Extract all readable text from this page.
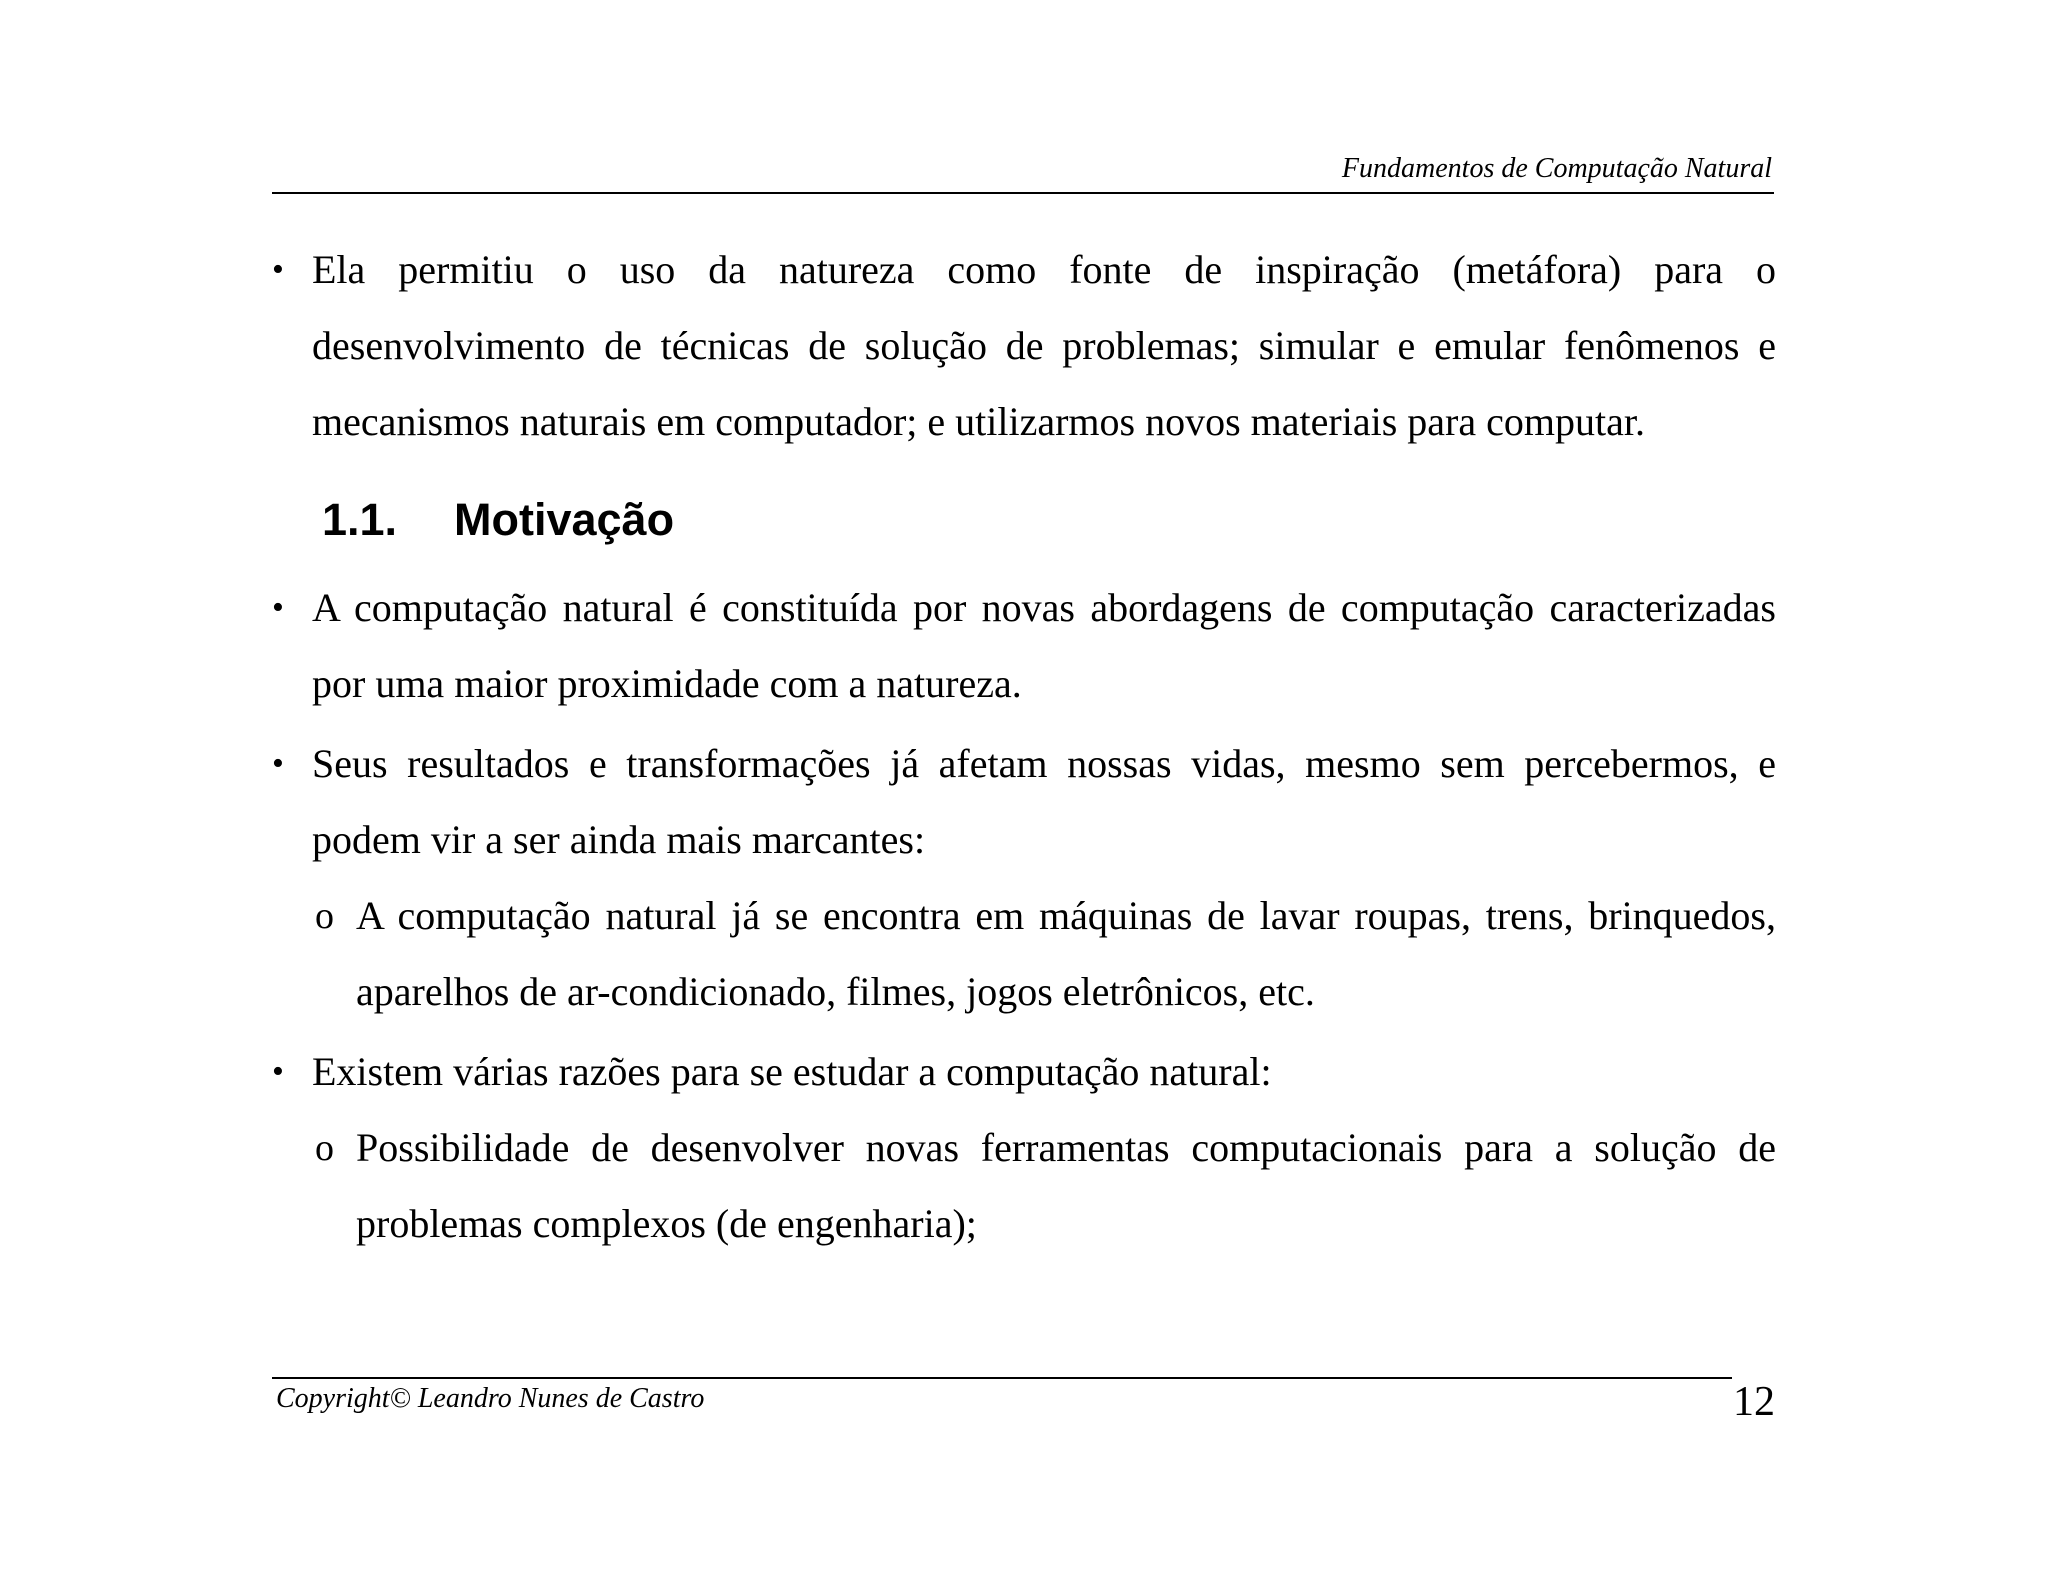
Fundamentos de Computação Natural
• Ela permitiu o uso da natureza como fonte de inspiração (metáfora) para o desenvolvimento de técnicas de solução de problemas; simular e emular fenômenos e mecanismos naturais em computador; e utilizarmos novos materiais para computar.
1.1. Motivação
• A computação natural é constituída por novas abordagens de computação caracterizadas por uma maior proximidade com a natureza.
• Seus resultados e transformações já afetam nossas vidas, mesmo sem percebermos, e podem vir a ser ainda mais marcantes:
o A computação natural já se encontra em máquinas de lavar roupas, trens, brinquedos, aparelhos de ar-condicionado, filmes, jogos eletrônicos, etc.
• Existem várias razões para se estudar a computação natural:
o Possibilidade de desenvolver novas ferramentas computacionais para a solução de problemas complexos (de engenharia);
Copyright© Leandro Nunes de Castro	12
